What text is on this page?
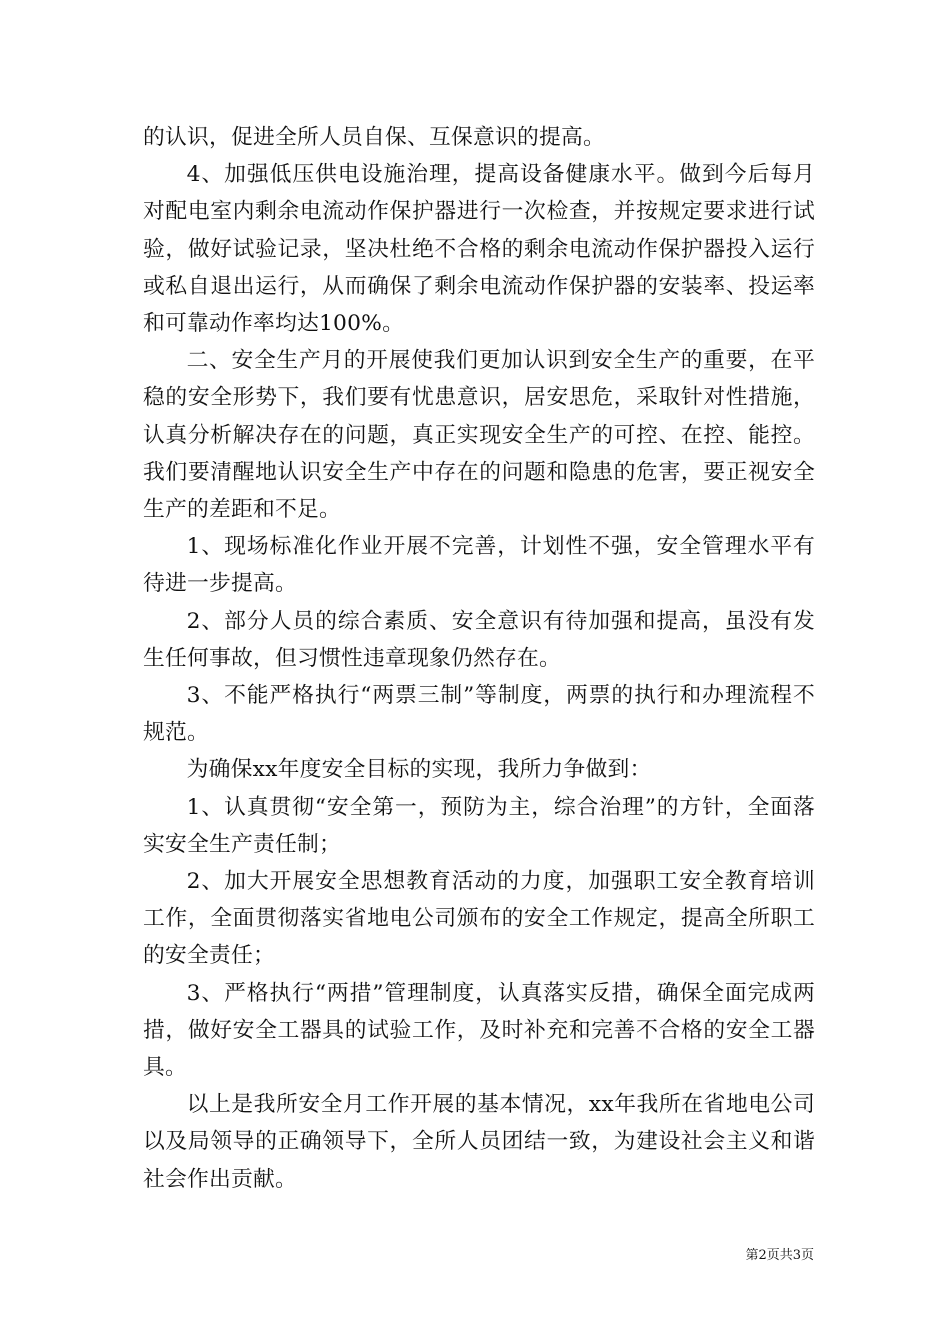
的认识，促进全所人员自保、互保意识的提高。

4、加强低压供电设施治理，提高设备健康水平。做到今后每月对配电室内剩余电流动作保护器进行一次检查，并按规定要求进行试验，做好试验记录，坚决杜绝不合格的剩余电流动作保护器投入运行或私自退出运行，从而确保了剩余电流动作保护器的安装率、投运率和可靠动作率均达100%。

二、安全生产月的开展使我们更加认识到安全生产的重要，在平稳的安全形势下，我们要有忧患意识，居安思危，采取针对性措施，认真分析解决存在的问题，真正实现安全生产的可控、在控、能控。我们要清醒地认识安全生产中存在的问题和隐患的危害，要正视安全生产的差距和不足。

1、现场标准化作业开展不完善，计划性不强，安全管理水平有待进一步提高。

2、部分人员的综合素质、安全意识有待加强和提高，虽没有发生任何事故，但习惯性违章现象仍然存在。

3、不能严格执行“两票三制”等制度，两票的执行和办理流程不规范。

为确保xx年度安全目标的实现，我所力争做到：

1、认真贯彻“安全第一，预防为主，综合治理”的方针，全面落实安全生产责任制；

2、加大开展安全思想教育活动的力度，加强职工安全教育培训工作，全面贯彻落实省地电公司颁布的安全工作规定，提高全所职工的安全责任；

3、严格执行“两措”管理制度，认真落实反措，确保全面完成两措，做好安全工器具的试验工作，及时补充和完善不合格的安全工器具。

以上是我所安全月工作开展的基本情况，xx年我所在省地电公司以及局领导的正确领导下，全所人员团结一致，为建设社会主义和谐社会作出贡献。

第2页共3页
